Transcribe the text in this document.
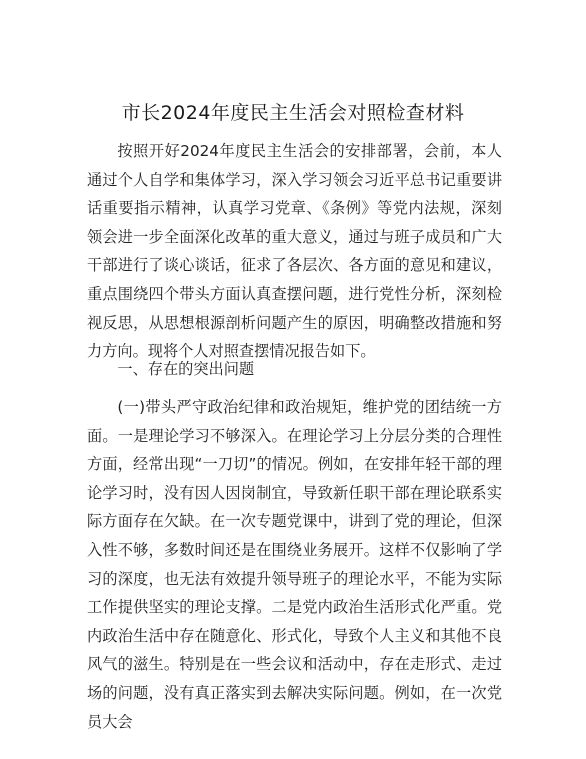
市长2024年度民主生活会对照检查材料

按照开好2024年度民主生活会的安排部署，会前，本人通过个人自学和集体学习，深入学习领会习近平总书记重要讲话重要指示精神，认真学习党章、《条例》等党内法规，深刻领会进一步全面深化改革的重大意义，通过与班子成员和广大干部进行了谈心谈话，征求了各层次、各方面的意见和建议，重点围绕四个带头方面认真查摆问题，进行党性分析，深刻检视反思，从思想根源剖析问题产生的原因，明确整改措施和努力方向。现将个人对照查摆情况报告如下。

一、存在的突出问题

(一)带头严守政治纪律和政治规矩，维护党的团结统一方面。一是理论学习不够深入。在理论学习上分层分类的合理性方面，经常出现“一刀切”的情况。例如，在安排年轻干部的理论学习时，没有因人因岗制宜，导致新任职干部在理论联系实际方面存在欠缺。在一次专题党课中，讲到了党的理论，但深入性不够，多数时间还是在围绕业务展开。这样不仅影响了学习的深度，也无法有效提升领导班子的理论水平，不能为实际工作提供坚实的理论支撑。二是党内政治生活形式化严重。党内政治生活中存在随意化、形式化，导致个人主义和其他不良风气的滋生。特别是在一些会议和活动中，存在走形式、走过场的问题，没有真正落实到去解决实际问题。例如，在一次党员大会
